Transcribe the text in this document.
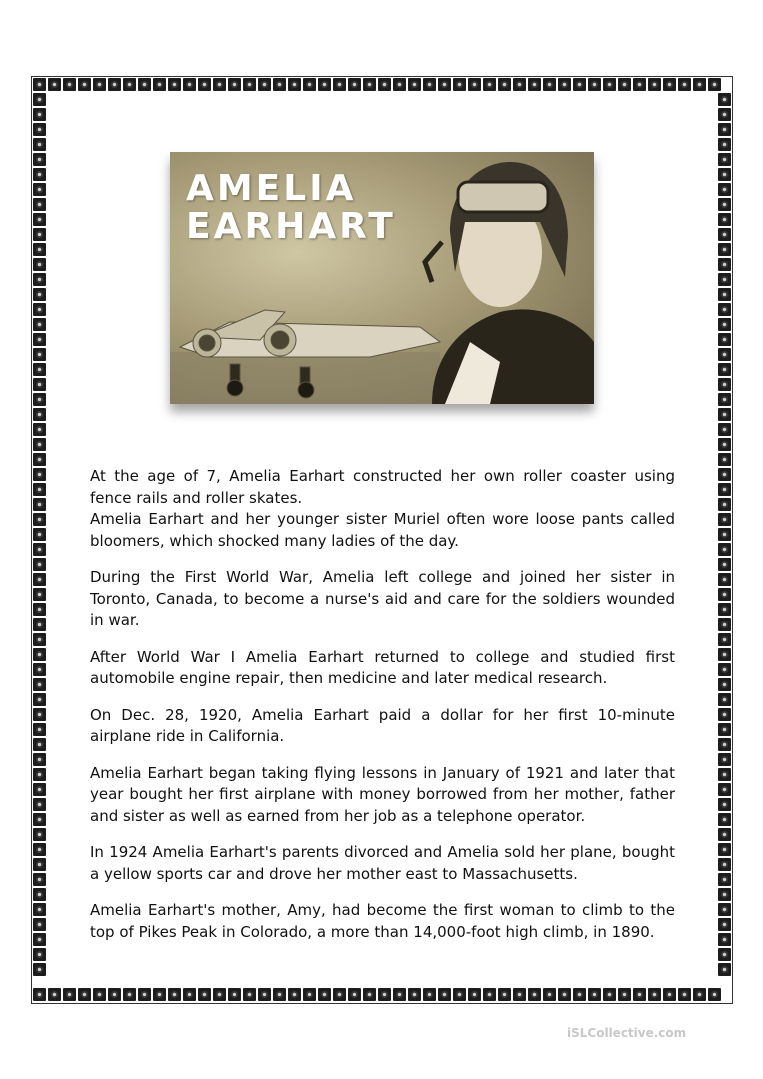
AMELIA
EARHART

At the age of 7, Amelia Earhart constructed her own roller coaster using fence rails and roller skates.

Amelia Earhart and her younger sister Muriel often wore loose pants called bloomers, which shocked many ladies of the day.

During the First World War, Amelia left college and joined her sister in Toronto, Canada, to become a nurse's aid and care for the soldiers wounded in war.

After World War I Amelia Earhart returned to college and studied first automobile engine repair, then medicine and later medical research.

On Dec. 28, 1920, Amelia Earhart paid a dollar for her first 10-minute airplane ride in California.

Amelia Earhart began taking flying lessons in January of 1921 and later that year bought her first airplane with money borrowed from her mother, father and sister as well as earned from her job as a telephone operator.

In 1924 Amelia Earhart's parents divorced and Amelia sold her plane, bought a yellow sports car and drove her mother east to Massachusetts.

Amelia Earhart's mother, Amy, had become the first woman to climb to the top of Pikes Peak in Colorado, a more than 14,000-foot high climb, in 1890.

iSLCollective.com
